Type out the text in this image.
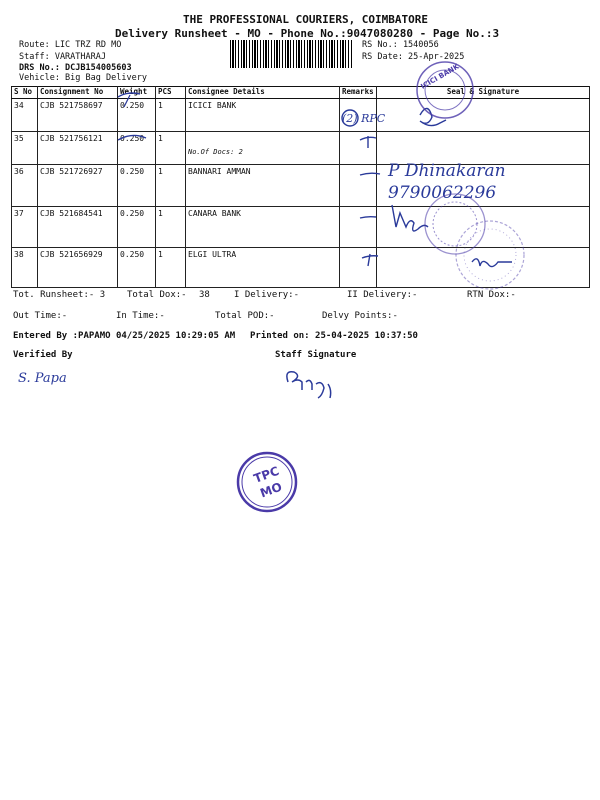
THE PROFESSIONAL COURIERS, COIMBATORE
Delivery Runsheet - MO - Phone No.:9047080280 - Page No.:3
Route: LIC TRZ RD MO
Staff: VARATHARAJ
DRS No.: DCJB154005603
Vehicle: Big Bag Delivery
RS No.: 1540056
RS Date: 25-Apr-2025
S No	Consignment No	Weight	PCS	Consignee Details	Remarks	Seal & Signature
34	CJB 521758697	0.250	1	ICICI BANK		
35	CJB 521756121	0.250	1	No.Of Docs: 2		

36	CJB 521726927	0.250	1	BANNARI AMMAN		
37	CJB 521684541	0.250	1	CANARA BANK		
38	CJB 521656929	0.250	1	ELGI ULTRA		
Tot. Runsheet:- 3 Total Dox:- 38	I Delivery:-	II Delivery:-	RTN Dox:-
Out Time:-	In Time:-	Total POD:-	Delvy Points:-
Entered By :PAPAMO 04/25/2025 10:29:05 AM Printed on: 25-04-2025 10:37:50
Verified By	Staff Signature
(2) RPC
P Dhinakaran
9790062296
ICICI BANK
S. Papa
TPC
MO
